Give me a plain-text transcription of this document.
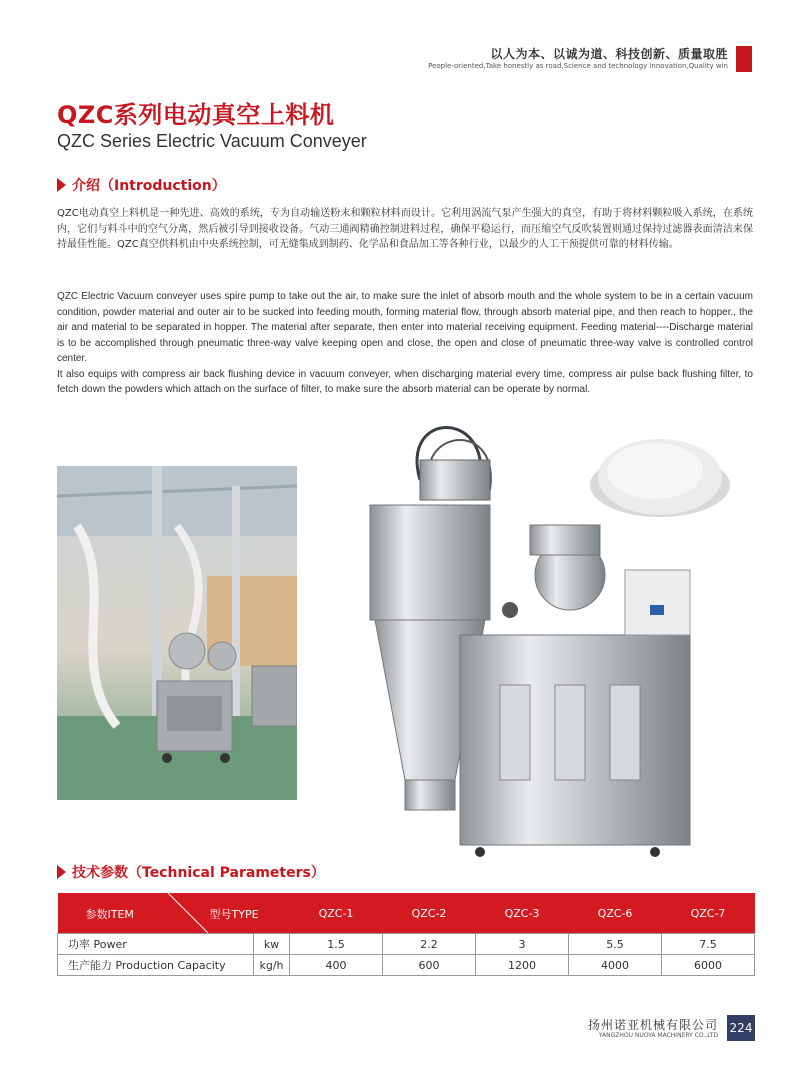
以人为本、以诚为道、科技创新、质量取胜
People-oriented,Take honestly as road,Science and technology innovation,Quality win
QZC系列电动真空上料机
QZC Series Electric Vacuum Conveyer
介绍（Introduction）
QZC电动真空上料机是一种先进、高效的系统，专为自动输送粉末和颗粒材料而设计。它利用涡流气泵产生强大的真空，有助于将材料颗粒吸入系统，在系统内，它们与料斗中的空气分离，然后被引导到接收设备。气动三通阀精确控制进料过程，确保平稳运行，而压缩空气反吹装置则通过保持过滤器表面清洁来保持最佳性能。QZC真空供料机由中央系统控制，可无缝集成到制药、化学品和食品加工等各种行业，以最少的人工干预提供可靠的材料传输。

QZC Electric Vacuum conveyer uses spire pump to take out the air, to make sure the inlet of absorb mouth and the whole system to be in a certain vacuum condition, powder material and outer air to be sucked into feeding mouth, forming material flow, through absorb material pipe, and then reach to hopper., the air and material to be separated in hopper. The material after separate, then enter into material receiving equipment. Feeding material----Discharge material is to be accomplished through pneumatic three-way valve keeping open and close, the open and close of pneumatic three-way valve is controlled control center.

It also equips with compress air back flushing device in vacuum conveyer, when discharging material every time, compress air pulse back flushing filter, to fetch down the powders which attach on the surface of filter, to make sure the absorb material can be operate by normal.

技术参数（Technical Parameters）
参数ITEM 型号TYPE		QZC-1	QZC-2	QZC-3	QZC-6	QZC-7
功率 Power	kw	1.5	2.2	3	5.5	7.5
生产能力 Production Capacity	kg/h	400	600	1200	4000	6000
扬州诺亚机械有限公司
YANGZHOU NUOYA MACHINERY CO.,LTD
224
